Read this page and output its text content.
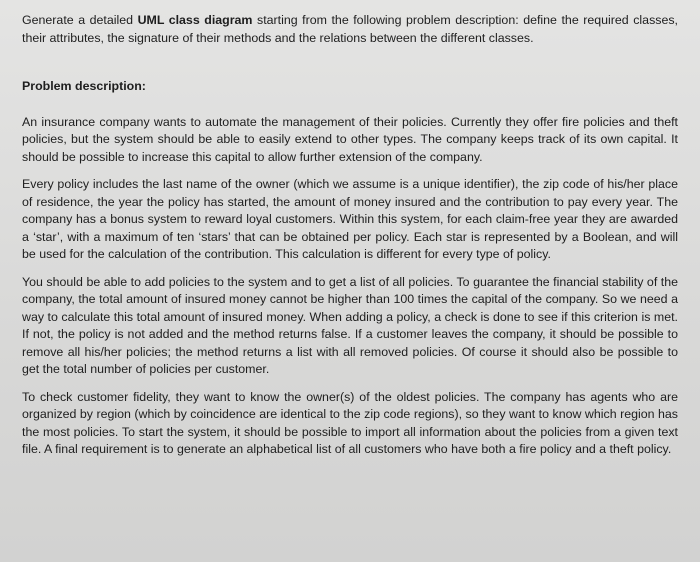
Generate a detailed UML class diagram starting from the following problem description: define the required classes, their attributes, the signature of their methods and the relations between the different classes.

Problem description:

An insurance company wants to automate the management of their policies. Currently they offer fire policies and theft policies, but the system should be able to easily extend to other types. The company keeps track of its own capital. It should be possible to increase this capital to allow further extension of the company.

Every policy includes the last name of the owner (which we assume is a unique identifier), the zip code of his/her place of residence, the year the policy has started, the amount of money insured and the contribution to pay every year. The company has a bonus system to reward loyal customers. Within this system, for each claim-free year they are awarded a ‘star’, with a maximum of ten ‘stars’ that can be obtained per policy. Each star is represented by a Boolean, and will be used for the calculation of the contribution. This calculation is different for every type of policy.

You should be able to add policies to the system and to get a list of all policies. To guarantee the financial stability of the company, the total amount of insured money cannot be higher than 100 times the capital of the company. So we need a way to calculate this total amount of insured money. When adding a policy, a check is done to see if this criterion is met. If not, the policy is not added and the method returns false. If a customer leaves the company, it should be possible to remove all his/her policies; the method returns a list with all removed policies. Of course it should also be possible to get the total number of policies per customer.

To check customer fidelity, they want to know the owner(s) of the oldest policies. The company has agents who are organized by region (which by coincidence are identical to the zip code regions), so they want to know which region has the most policies. To start the system, it should be possible to import all information about the policies from a given text file. A final requirement is to generate an alphabetical list of all customers who have both a fire policy and a theft policy.
